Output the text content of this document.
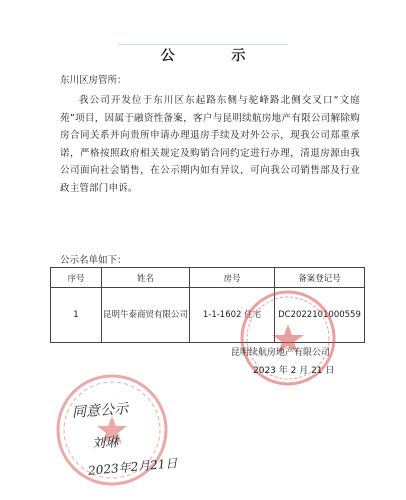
公 示
东川区房管所：
我公司开发位于东川区东起路东侧与驼峰路北侧交叉口“文庭苑”项目，因属于融资性备案，客户与昆明续航房地产有限公司解除购房合同关系并向贵所申请办理退房手续及对外公示，现我公司郑重承诺，严格按照政府相关规定及购销合同约定进行办理，清退房源由我公司面向社会销售，在公示期内如有异议，可向我公司销售部及行业政主管部门申诉。
公示名单如下：
序号	姓名	房号	备案登记号
1	昆明牛泰商贸有限公司	1-1-1602 住宅	DC2022101000559
昆明续航房地产有限公司
2023 年 2 月 21 日
同意公示
刘琳
2023年2月21日
